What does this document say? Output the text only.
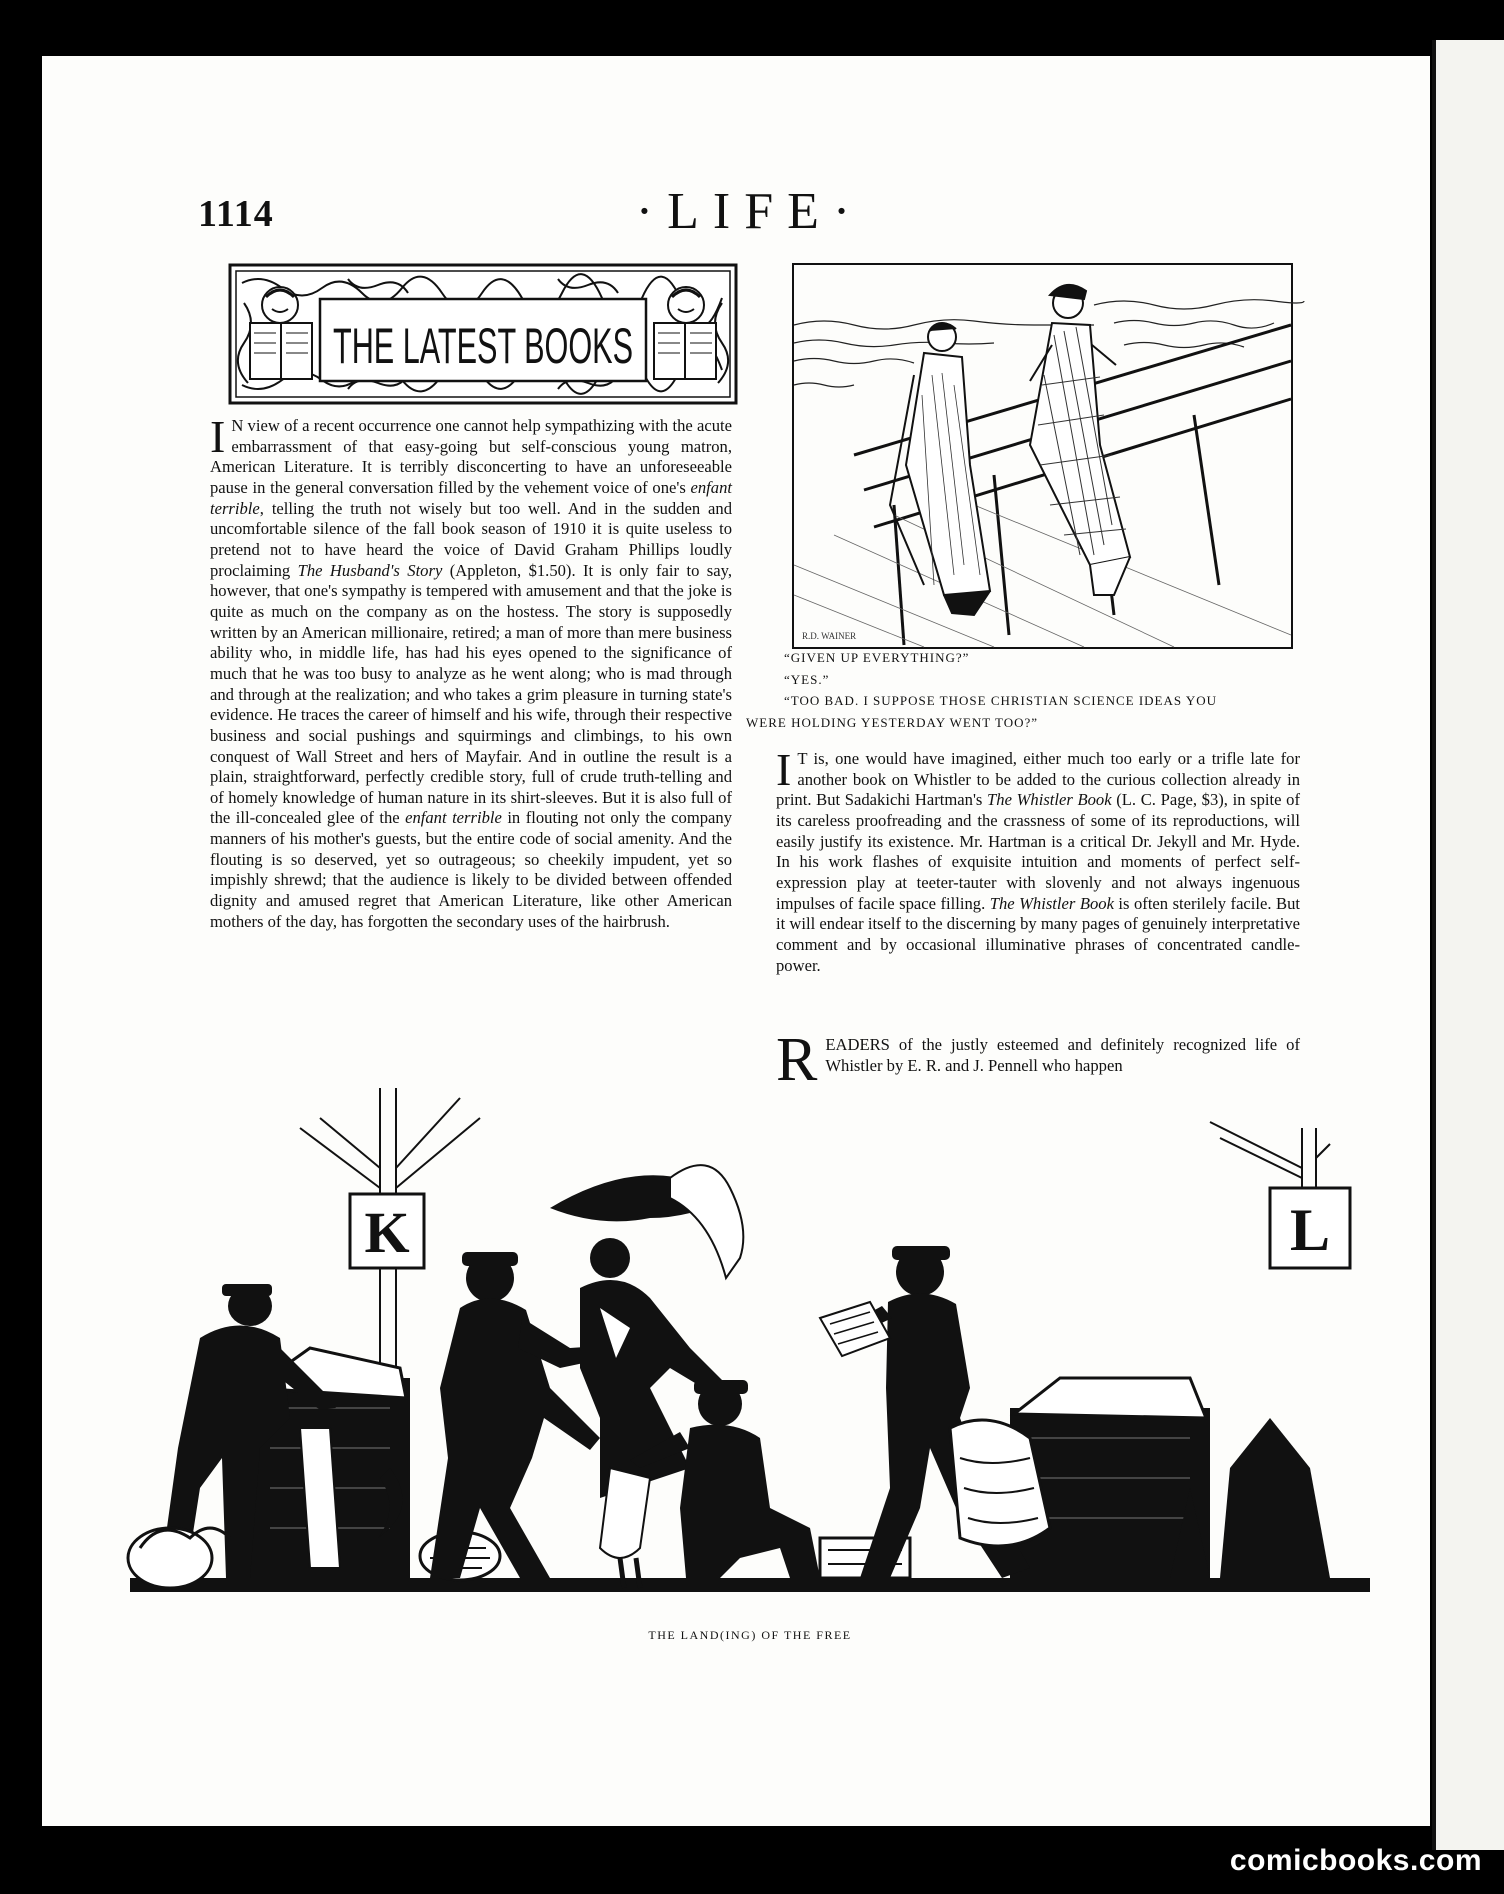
1114	·LIFE·
THE LATEST BOOKS

I N view of a recent occurrence one cannot help sympathizing with the acute embarrassment of that easy-going but self-conscious young matron, American Literature. It is terribly disconcerting to have an unforeseeable pause in the general conversation filled by the vehement voice of one's enfant terrible, telling the truth not wisely but too well. And in the sudden and uncomfortable silence of the fall book season of 1910 it is quite useless to pretend not to have heard the voice of David Graham Phillips loudly proclaiming The Husband's Story (Appleton, $1.50). It is only fair to say, however, that one's sympathy is tempered with amusement and that the joke is quite as much on the company as on the hostess. The story is supposedly written by an American millionaire, retired; a man of more than mere business ability who, in middle life, has had his eyes opened to the significance of much that he was too busy to analyze as he went along; who is mad through and through at the realization; and who takes a grim pleasure in turning state's evidence. He traces the career of himself and his wife, through their respective business and social pushings and squirmings and climbings, to his own conquest of Wall Street and hers of Mayfair. And in outline the result is a plain, straightforward, perfectly credible story, full of crude truth-telling and of homely knowledge of human nature in its shirt-sleeves. But it is also full of the ill-concealed glee of the enfant terrible in flouting not only the company manners of his mother's guests, but the entire code of social amenity. And the flouting is so deserved, yet so outrageous; so cheekily impudent, yet so impishly shrewd; that the audience is likely to be divided between offended dignity and amused regret that American Literature, like other American mothers of the day, has forgotten the secondary uses of the hairbrush.

R.D. WAINER
“GIVEN UP EVERYTHING?”
“YES.”
“TOO BAD. I SUPPOSE THOSE CHRISTIAN SCIENCE IDEAS YOU
WERE HOLDING YESTERDAY WENT TOO?”

I T is, one would have imagined, either much too early or a trifle late for another book on Whistler to be added to the curious collection already in print. But Sadakichi Hartman's The Whistler Book (L. C. Page, $3), in spite of its careless proofreading and the crassness of some of its reproductions, will easily justify its existence. Mr. Hartman is a critical Dr. Jekyll and Mr. Hyde. In his work flashes of exquisite intuition and moments of perfect self-expression play at teeter-tauter with slovenly and not always ingenuous impulses of facile space filling. The Whistler Book is often sterilely facile. But it will endear itself to the discerning by many pages of genuinely interpretative comment and by occasional illuminative phrases of concentrated candle-power.

READERS of the justly esteemed and definitely recognized life of Whistler by E. R. and J. Pennell who happen

K	L
THE LAND(ING) OF THE FREE
comicbooks.com
